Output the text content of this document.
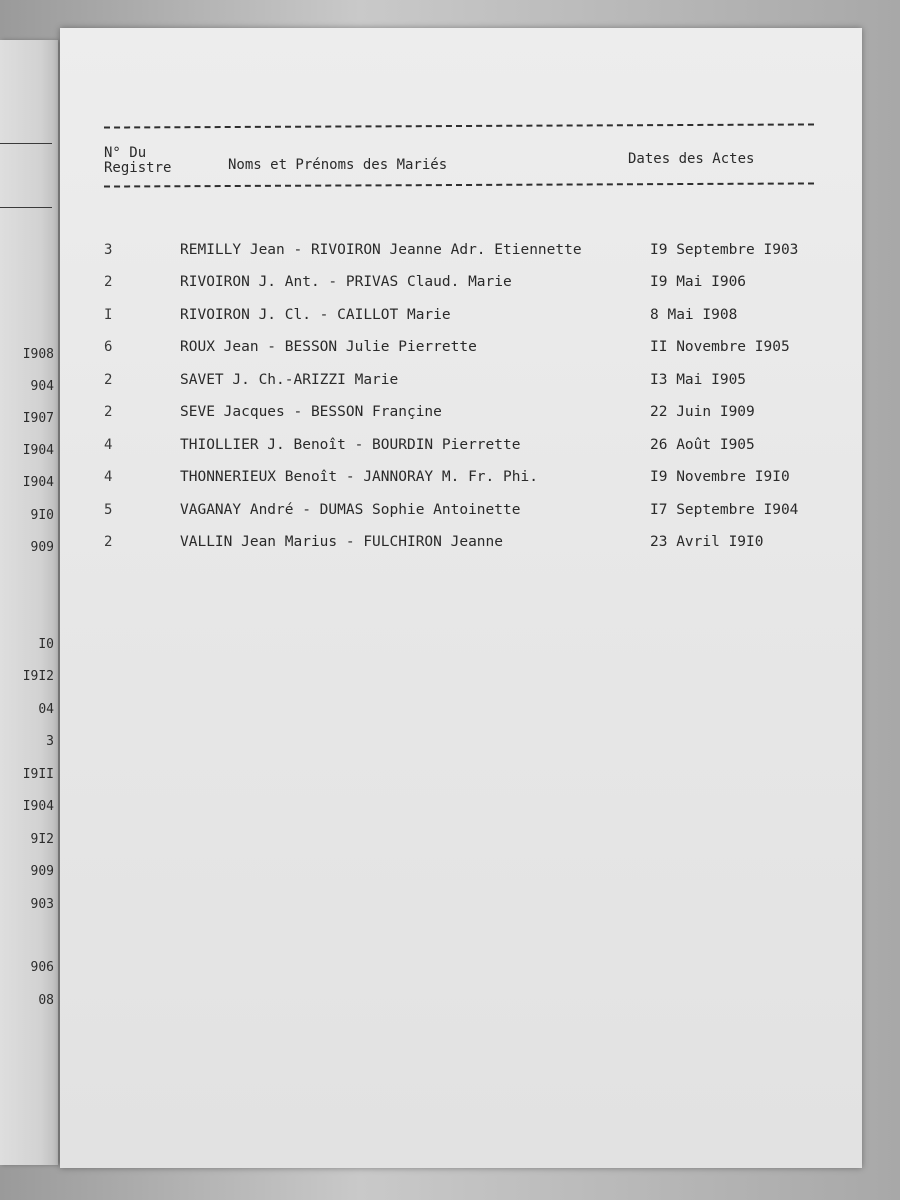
I908
904
I907
I904
I904
9I0
909
I0
I9I2
04
3
I9II
I904
9I2
909
903
906
08
N° Du
Registre	Noms et Prénoms des Mariés	Dates des Actes
3	REMILLY Jean - RIVOIRON Jeanne Adr. Etiennette	I9 Septembre I903
2	RIVOIRON J. Ant. - PRIVAS Claud. Marie	I9 Mai I906
I	RIVOIRON J. Cl. - CAILLOT Marie	8 Mai I908
6	ROUX Jean - BESSON Julie Pierrette	II Novembre I905
2	SAVET J. Ch.-ARIZZI Marie	I3 Mai I905
2	SEVE Jacques - BESSON Françine	22 Juin I909
4	THIOLLIER J. Benoît - BOURDIN Pierrette	26 Août I905
4	THONNERIEUX Benoît - JANNORAY M. Fr. Phi.	I9 Novembre I9I0
5	VAGANAY André - DUMAS Sophie Antoinette	I7 Septembre I904
2	VALLIN Jean Marius - FULCHIRON Jeanne	23 Avril I9I0
